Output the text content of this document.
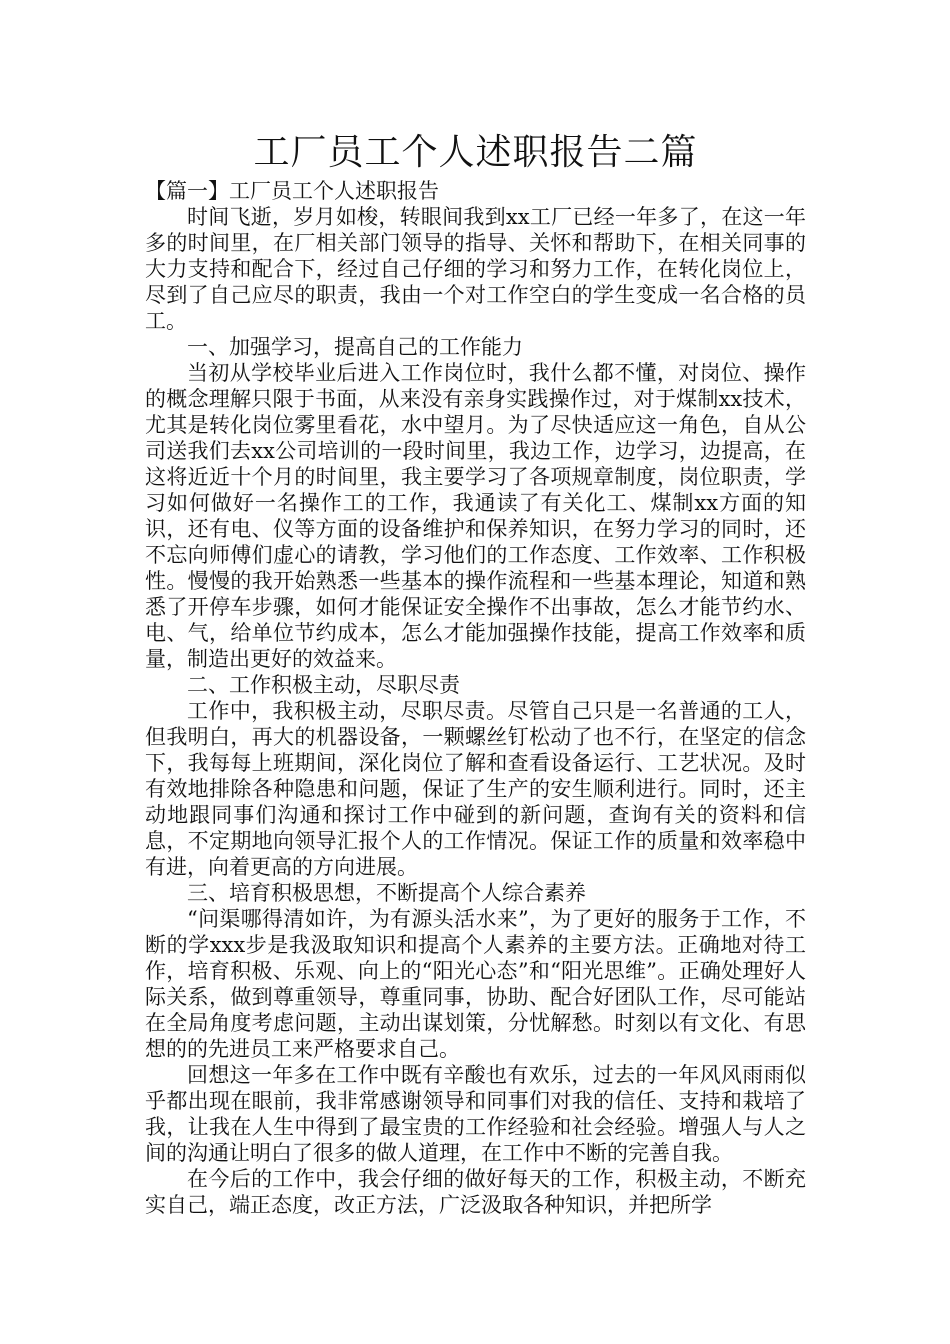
工厂员工个人述职报告二篇

【篇一】工厂员工个人述职报告

时间飞逝，岁月如梭，转眼间我到xx工厂已经一年多了，在这一年多的时间里，在厂相关部门领导的指导、关怀和帮助下，在相关同事的大力支持和配合下，经过自己仔细的学习和努力工作，在转化岗位上，尽到了自己应尽的职责，我由一个对工作空白的学生变成一名合格的员工。

一、加强学习，提高自己的工作能力

当初从学校毕业后进入工作岗位时，我什么都不懂，对岗位、操作的概念理解只限于书面，从来没有亲身实践操作过，对于煤制xx技术，尤其是转化岗位雾里看花，水中望月。为了尽快适应这一角色，自从公司送我们去xx公司培训的一段时间里，我边工作，边学习，边提高，在这将近近十个月的时间里，我主要学习了各项规章制度，岗位职责，学习如何做好一名操作工的工作，我通读了有关化工、煤制xx方面的知识，还有电、仪等方面的设备维护和保养知识，在努力学习的同时，还不忘向师傅们虚心的请教，学习他们的工作态度、工作效率、工作积极性。慢慢的我开始熟悉一些基本的操作流程和一些基本理论，知道和熟悉了开停车步骤，如何才能保证安全操作不出事故，怎么才能节约水、电、气，给单位节约成本，怎么才能加强操作技能，提高工作效率和质量，制造出更好的效益来。

二、工作积极主动，尽职尽责

工作中，我积极主动，尽职尽责。尽管自己只是一名普通的工人，但我明白，再大的机器设备，一颗螺丝钉松动了也不行，在坚定的信念下，我每每上班期间，深化岗位了解和查看设备运行、工艺状况。及时有效地排除各种隐患和问题，保证了生产的安生顺利进行。同时，还主动地跟同事们沟通和探讨工作中碰到的新问题，查询有关的资料和信息，不定期地向领导汇报个人的工作情况。保证工作的质量和效率稳中有进，向着更高的方向进展。

三、培育积极思想，不断提高个人综合素养

“问渠哪得清如许，为有源头活水来”，为了更好的服务于工作，不断的学xxx步是我汲取知识和提高个人素养的主要方法。正确地对待工作，培育积极、乐观、向上的“阳光心态”和“阳光思维”。正确处理好人际关系，做到尊重领导，尊重同事，协助、配合好团队工作，尽可能站在全局角度考虑问题，主动出谋划策，分忧解愁。时刻以有文化、有思想的的先进员工来严格要求自己。

回想这一年多在工作中既有辛酸也有欢乐，过去的一年风风雨雨似乎都出现在眼前，我非常感谢领导和同事们对我的信任、支持和栽培了我，让我在人生中得到了最宝贵的工作经验和社会经验。增强人与人之间的沟通让明白了很多的做人道理，在工作中不断的完善自我。

在今后的工作中，我会仔细的做好每天的工作，积极主动，不断充实自己，端正态度，改正方法，广泛汲取各种知识，并把所学
